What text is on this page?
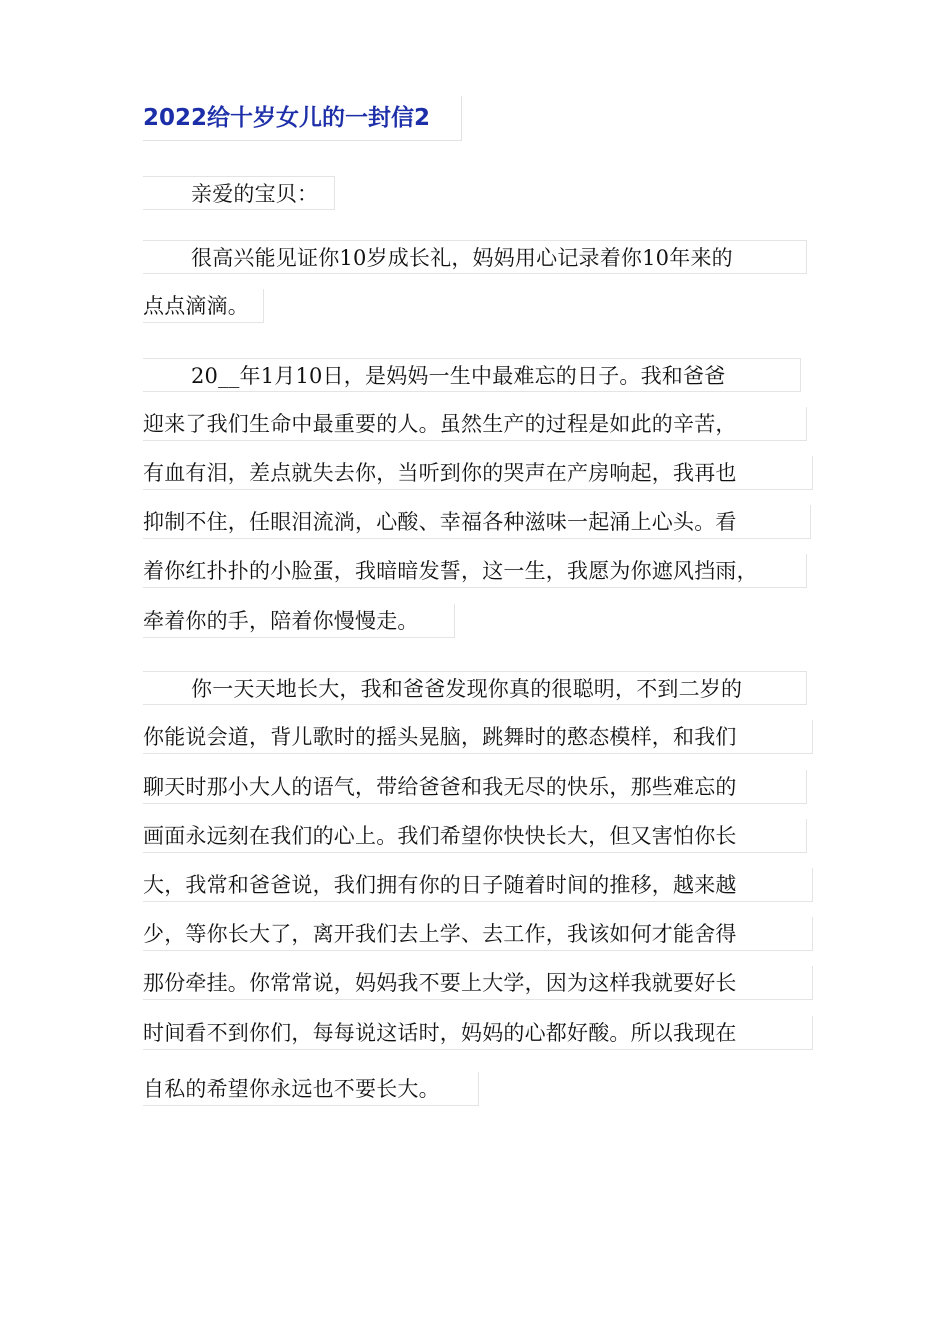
2022给十岁女儿的一封信2
亲爱的宝贝：
很高兴能见证你10岁成长礼，妈妈用心记录着你10年来的
点点滴滴。
20__年1月10日，是妈妈一生中最难忘的日子。我和爸爸
迎来了我们生命中最重要的人。虽然生产的过程是如此的辛苦，
有血有泪，差点就失去你，当听到你的哭声在产房响起，我再也
抑制不住，任眼泪流淌，心酸、幸福各种滋味一起涌上心头。看
着你红扑扑的小脸蛋，我暗暗发誓，这一生，我愿为你遮风挡雨，
牵着你的手，陪着你慢慢走。
你一天天地长大，我和爸爸发现你真的很聪明，不到二岁的
你能说会道，背儿歌时的摇头晃脑，跳舞时的憨态模样，和我们
聊天时那小大人的语气，带给爸爸和我无尽的快乐，那些难忘的
画面永远刻在我们的心上。我们希望你快快长大，但又害怕你长
大，我常和爸爸说，我们拥有你的日子随着时间的推移，越来越
少，等你长大了，离开我们去上学、去工作，我该如何才能舍得
那份牵挂。你常常说，妈妈我不要上大学，因为这样我就要好长
时间看不到你们，每每说这话时，妈妈的心都好酸。所以我现在
自私的希望你永远也不要长大。
